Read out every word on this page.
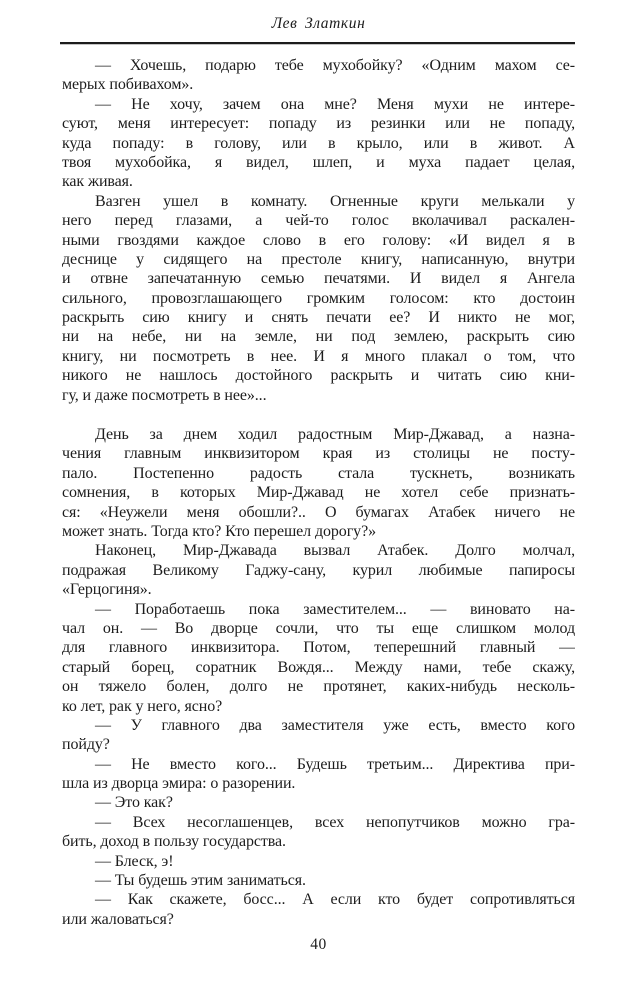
Лев Златкин
— Хочешь, подарю тебе мухобойку? «Одним махом се-
мерых побивахом».
— Не хочу, зачем она мне? Меня мухи не интере-
суют, меня интересует: попаду из резинки или не попаду,
куда попаду: в голову, или в крыло, или в живот. А
твоя мухобойка, я видел, шлеп, и муха падает целая,
как живая.
Вазген ушел в комнату. Огненные круги мелькали у
него перед глазами, а чей-то голос вколачивал раскален-
ными гвоздями каждое слово в его голову: «И видел я в
деснице у сидящего на престоле книгу, написанную, внутри
и отвне запечатанную семью печатями. И видел я Ангела
сильного, провозглашающего громким голосом: кто достоин
раскрыть сию книгу и снять печати ее? И никто не мог,
ни на небе, ни на земле, ни под землею, раскрыть сию
книгу, ни посмотреть в нее. И я много плакал о том, что
никого не нашлось достойного раскрыть и читать сию кни-
гу, и даже посмотреть в нее»...
День за днем ходил радостным Мир-Джавад, а назна-
чения главным инквизитором края из столицы не посту-
пало. Постепенно радость стала тускнеть, возникать
сомнения, в которых Мир-Джавад не хотел себе признать-
ся: «Неужели меня обошли?.. О бумагах Атабек ничего не
может знать. Тогда кто? Кто перешел дорогу?»
Наконец, Мир-Джавада вызвал Атабек. Долго молчал,
подражая Великому Гаджу-сану, курил любимые папиросы
«Герцогиня».
— Поработаешь пока заместителем... — виновато на-
чал он. — Во дворце сочли, что ты еще слишком молод
для главного инквизитора. Потом, теперешний главный —
старый борец, соратник Вождя... Между нами, тебе скажу,
он тяжело болен, долго не протянет, каких-нибудь несколь-
ко лет, рак у него, ясно?
— У главного два заместителя уже есть, вместо кого
пойду?
— Не вместо кого... Будешь третьим... Директива при-
шла из дворца эмира: о разорении.
— Это как?
— Всех несоглашенцев, всех непопутчиков можно гра-
бить, доход в пользу государства.
— Блеск, э!
— Ты будешь этим заниматься.
— Как скажете, босс... А если кто будет сопротивляться
или жаловаться?
40
